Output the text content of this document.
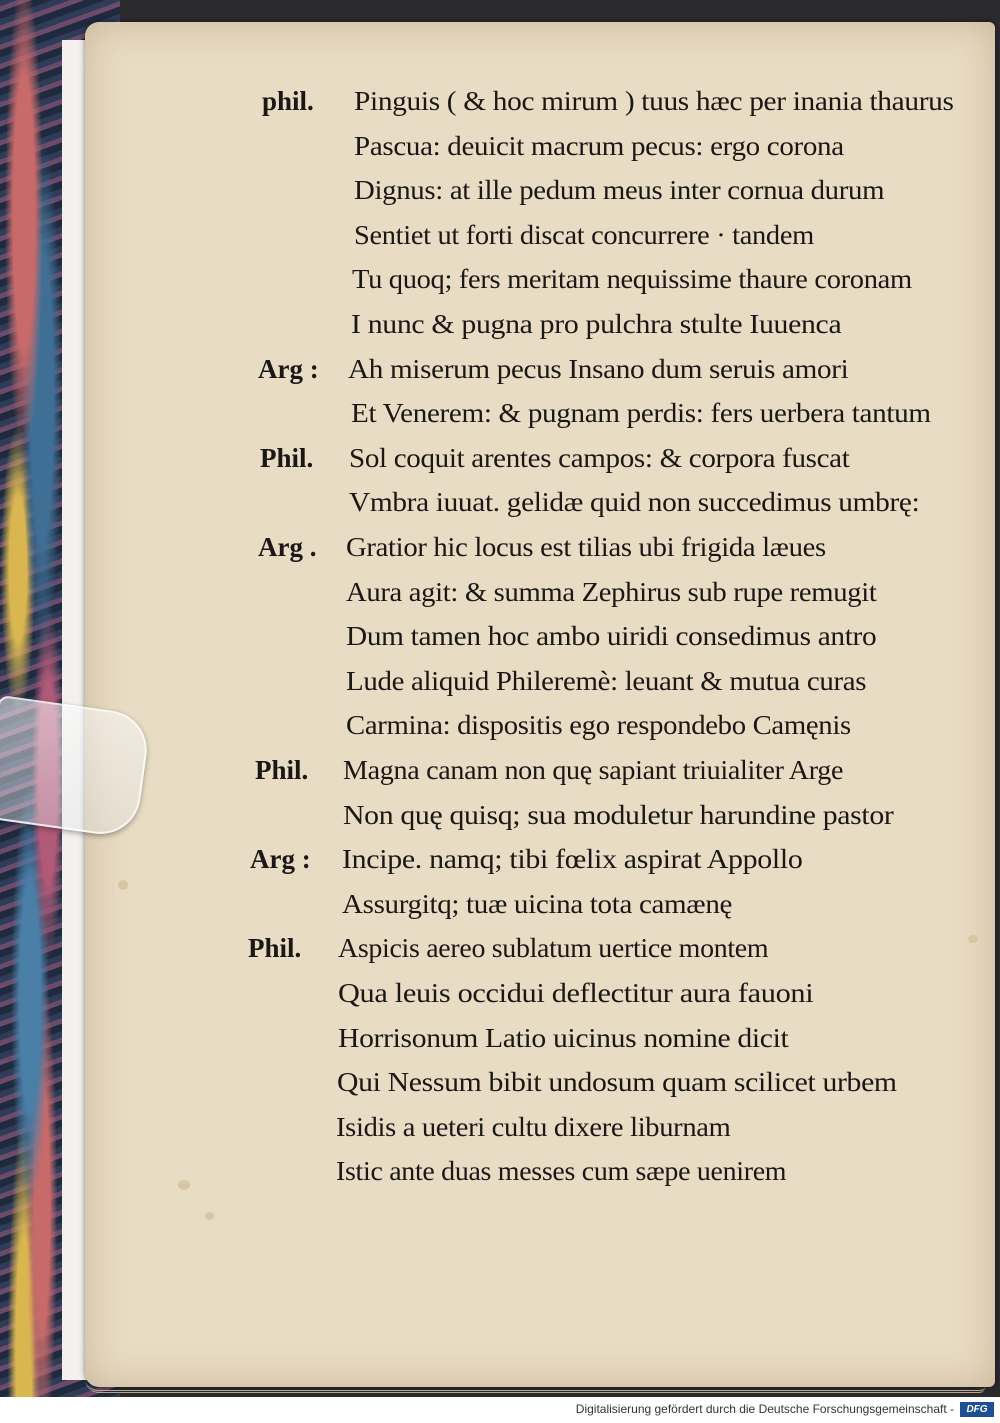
phil. Pinguis ( & hoc mirum ) tuus hæc per inania thaurus
Pascua: deuicit macrum pecus: ergo corona
Dignus: at ille pedum meus inter cornua durum
Sentiet ut forti discat concurrere · tandem
Tu quoq; fers meritam nequissime thaure coronam
I nunc & pugna pro pulchra stulte Iuuenca
Arg : Ah miserum pecus Insano dum seruis amori
Et Venerem: & pugnam perdis: fers uerbera tantum
Phil. Sol coquit arentes campos: & corpora fuscat
Vmbra iuuat. gelidæ quid non succedimus umbrę:
Arg . Gratior hic locus est tilias ubi frigida læues
Aura agit: & summa Zephirus sub rupe remugit
Dum tamen hoc ambo uiridi consedimus antro
Lude aliquid Phileremè: leuant & mutua curas
Carmina: dispositis ego respondebo Camęnis
Phil. Magna canam non quę sapiant triuialiter Arge
Non quę quisq; sua moduletur harundine pastor
Arg : Incipe. namq; tibi fœlix aspirat Appollo
Assurgitq; tuæ uicina tota camænę
Phil. Aspicis aereo sublatum uertice montem
Qua leuis occidui deflectitur aura fauoni
Horrisonum Latio uicinus nomine dicit
Qui Nessum bibit undosum quam scilicet urbem
Isidis a ueteri cultu dixere liburnam
Istic ante duas messes cum sæpe uenirem
Digitalisierung gefördert durch die Deutsche Forschungsgemeinschaft -	DFG
